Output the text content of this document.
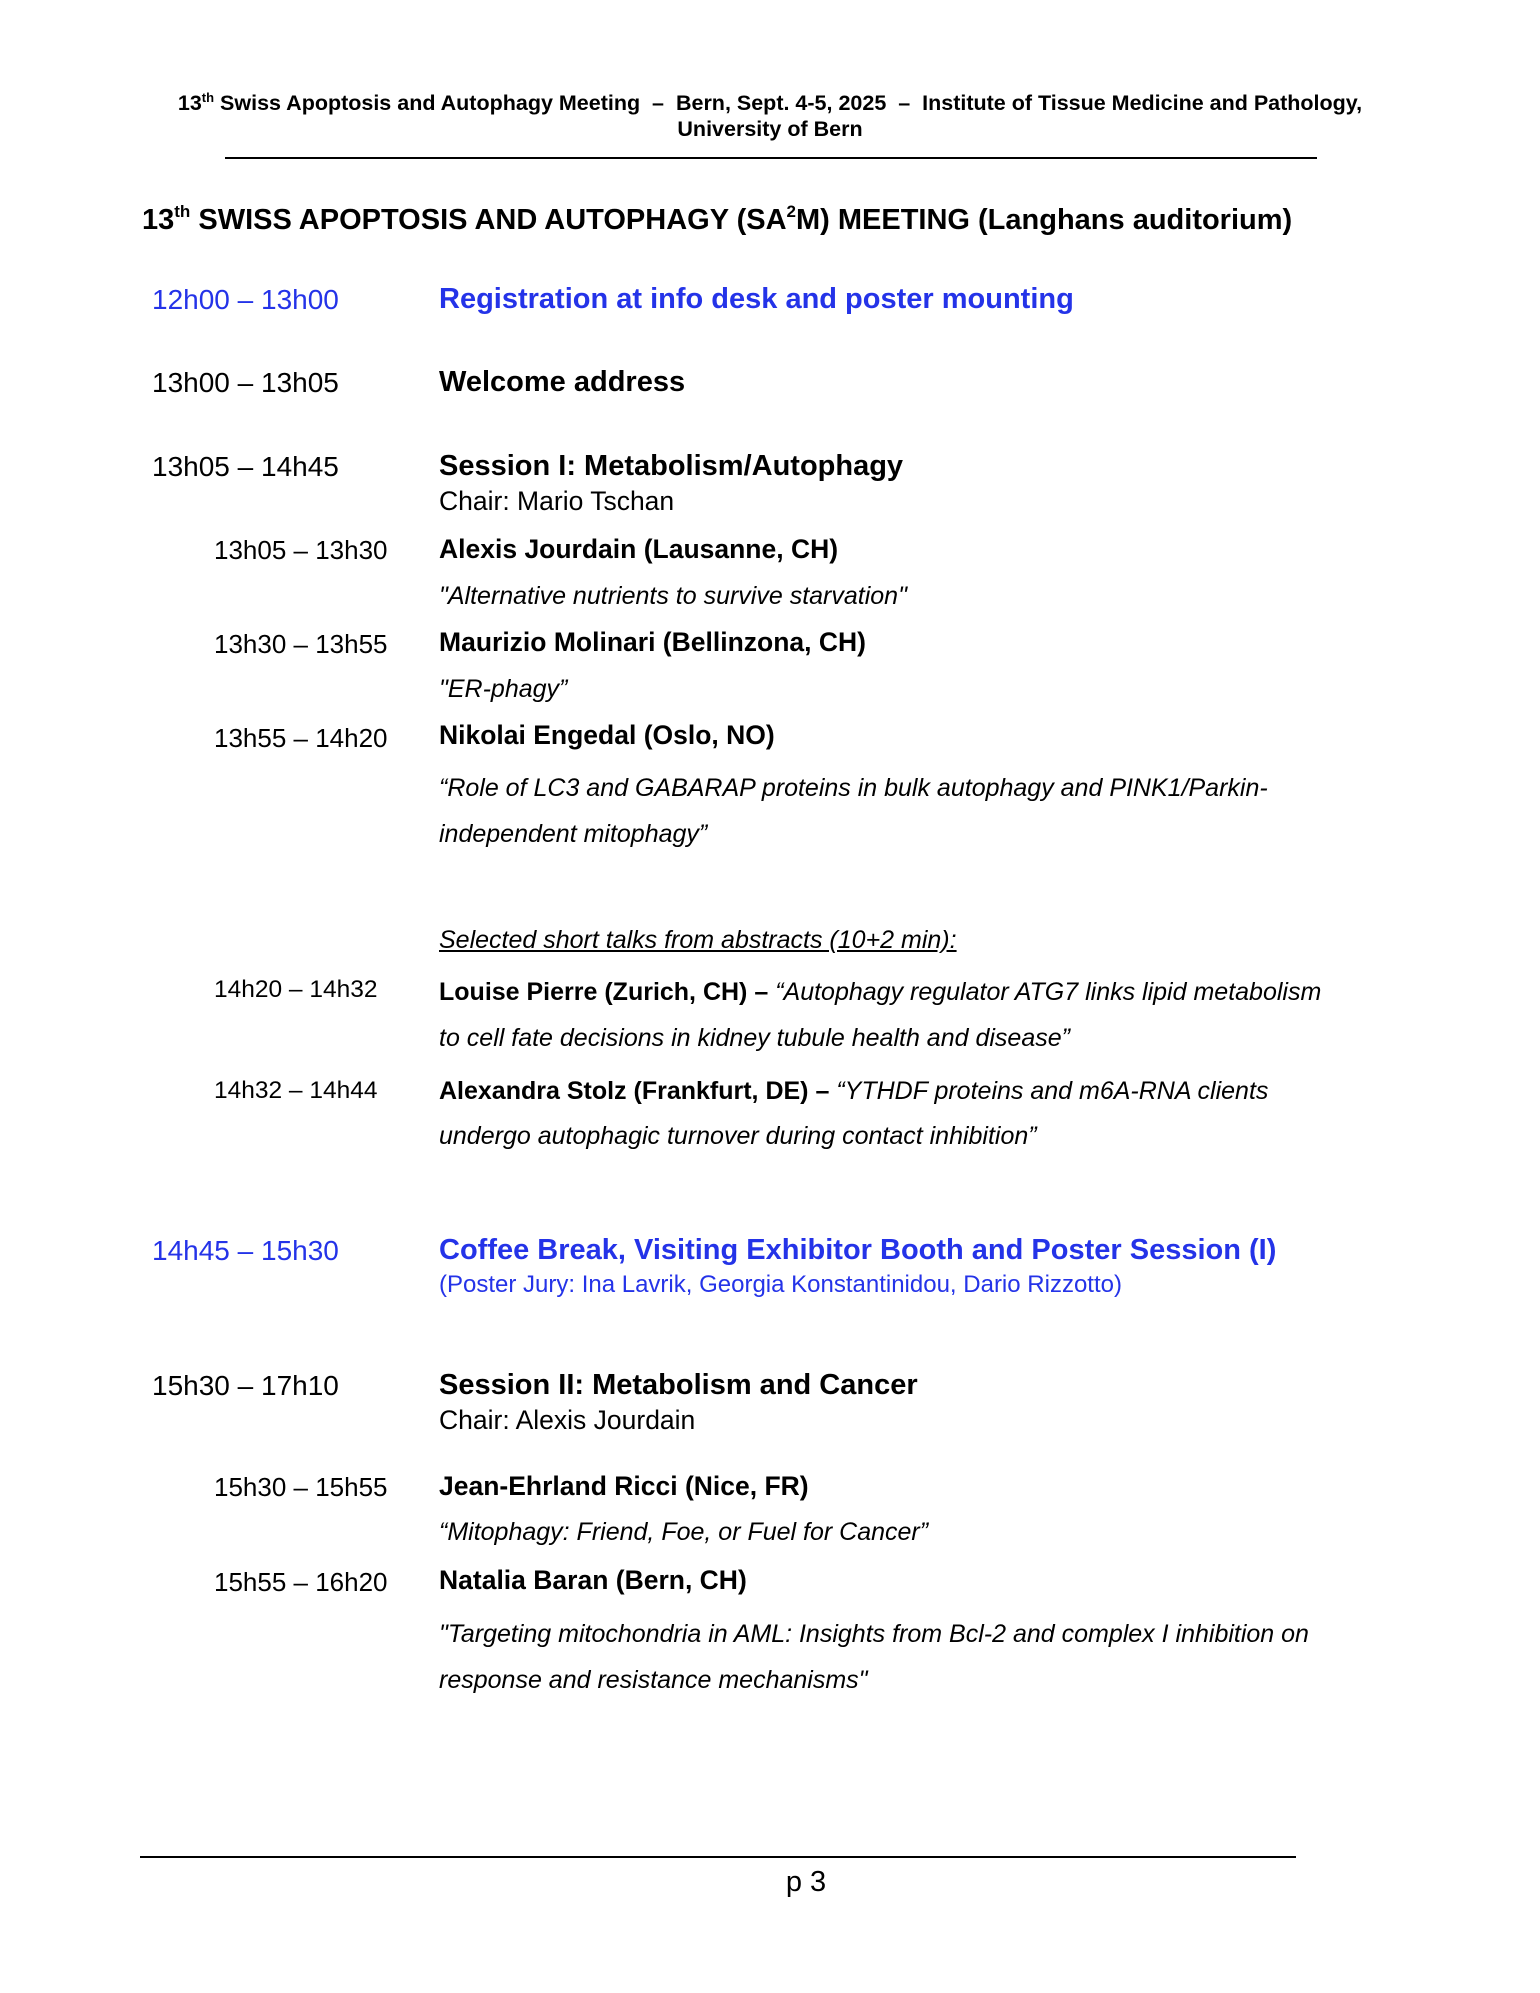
13th Swiss Apoptosis and Autophagy Meeting  –  Bern, Sept. 4-5, 2025  –  Institute of Tissue Medicine and Pathology,
University of Bern
13th SWISS APOPTOSIS AND AUTOPHAGY $(SA^2M)$ MEETING (Langhans auditorium)
12h00 – 13h00	Registration at info desk and poster mounting
13h00 – 13h05	Welcome address
13h05 – 14h45	Session I: Metabolism/Autophagy
Chair: Mario Tschan
13h05 – 13h30 Alexis Jourdain (Lausanne, CH)
"Alternative nutrients to survive starvation"
13h30 – 13h55 Maurizio Molinari (Bellinzona, CH)
"ER-phagy”
13h55 – 14h20 Nikolai Engedal (Oslo, NO)
“Role of LC3 and GABARAP proteins in bulk autophagy and PINK1/Parkin-
independent mitophagy”
Selected short talks from abstracts (10+2 min):
14h20 – 14h32 Louise Pierre (Zurich, CH) – “Autophagy regulator ATG7 links lipid metabolism
to cell fate decisions in kidney tubule health and disease”
14h32 – 14h44 Alexandra Stolz (Frankfurt, DE) – “YTHDF proteins and m6A-RNA clients
undergo autophagic turnover during contact inhibition”
14h45 – 15h30	Coffee Break, Visiting Exhibitor Booth and Poster Session (I)
(Poster Jury: Ina Lavrik, Georgia Konstantinidou, Dario Rizzotto)
15h30 – 17h10	Session II: Metabolism and Cancer
Chair: Alexis Jourdain
15h30 – 15h55 Jean-Ehrland Ricci (Nice, FR)
“Mitophagy: Friend, Foe, or Fuel for Cancer”
15h55 – 16h20 Natalia Baran (Bern, CH)
"Targeting mitochondria in AML: Insights from Bcl-2 and complex I inhibition on
response and resistance mechanisms"
p 3
